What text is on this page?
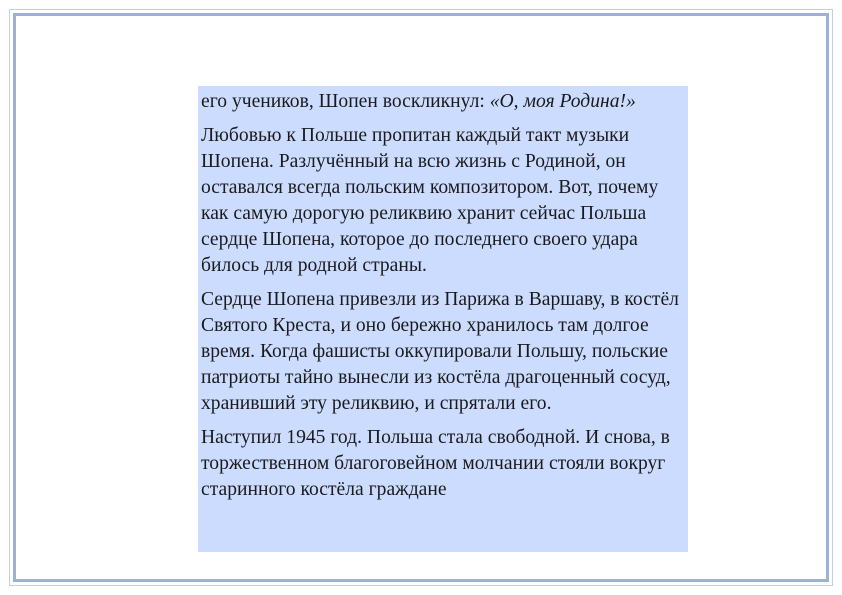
его учеников, Шопен воскликнул: «О, моя Родина!»

Любовью к Польше пропитан каждый такт музыки Шопена. Разлучённый на всю жизнь с Родиной, он оставался всегда польским композитором. Вот, почему как самую дорогую реликвию хранит сейчас Польша сердце Шопена, которое до последнего своего удара билось для родной страны.

Сердце Шопена привезли из Парижа в Варшаву, в костёл Святого Креста, и оно бережно хранилось там долгое время. Когда фашисты оккупировали Польшу, польские патриоты тайно вынесли из костёла драгоценный сосуд, хранивший эту реликвию, и спрятали его.

Наступил 1945 год. Польша стала свободной. И снова, в торжественном благоговейном молчании стояли вокруг старинного костёла граждане
